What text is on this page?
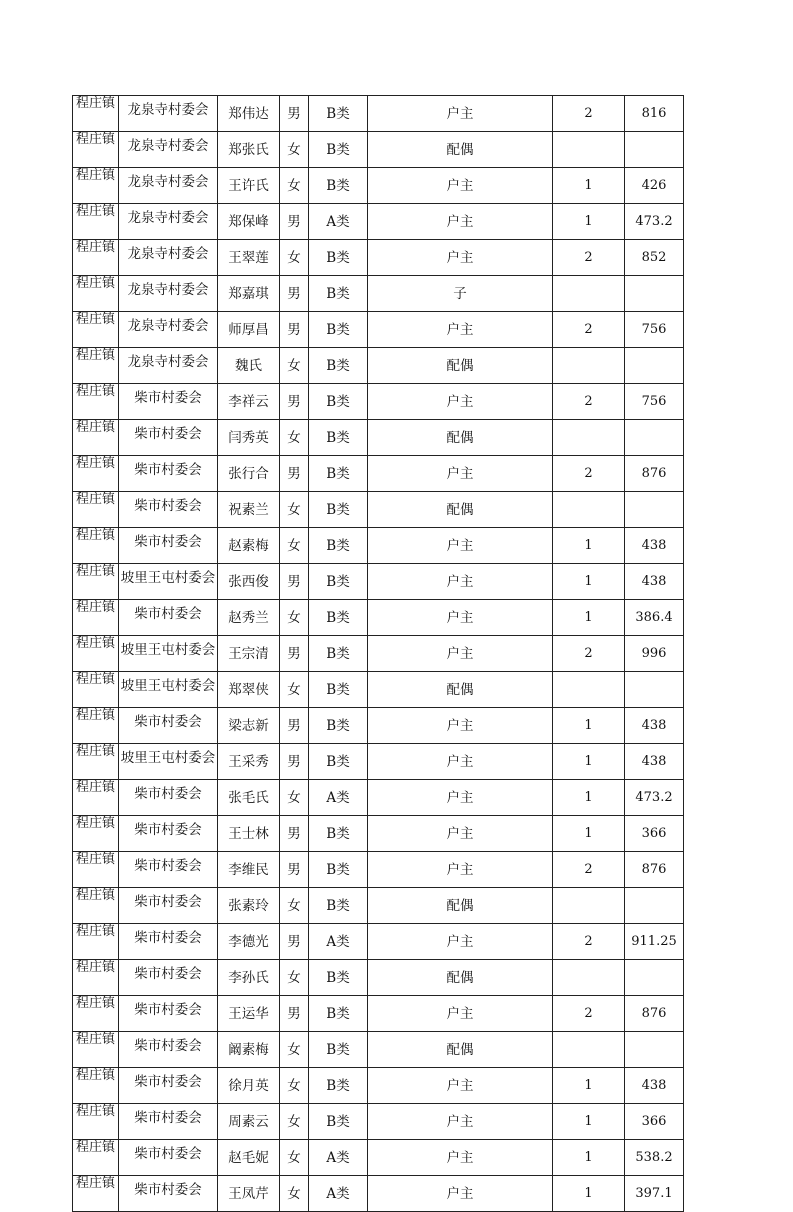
程庄镇	龙泉寺村委会	郑伟达	男	B类	户主	2	816
程庄镇	龙泉寺村委会	郑张氏	女	B类	配偶		
程庄镇	龙泉寺村委会	王许氏	女	B类	户主	1	426
程庄镇	龙泉寺村委会	郑保峰	男	A类	户主	1	473.2
程庄镇	龙泉寺村委会	王翠莲	女	B类	户主	2	852
程庄镇	龙泉寺村委会	郑嘉琪	男	B类	子		
程庄镇	龙泉寺村委会	师厚昌	男	B类	户主	2	756
程庄镇	龙泉寺村委会	魏氏	女	B类	配偶		
程庄镇	柴市村委会	李祥云	男	B类	户主	2	756
程庄镇	柴市村委会	闫秀英	女	B类	配偶		
程庄镇	柴市村委会	张行合	男	B类	户主	2	876
程庄镇	柴市村委会	祝素兰	女	B类	配偶		
程庄镇	柴市村委会	赵素梅	女	B类	户主	1	438
程庄镇	坡里王屯村委会	张西俊	男	B类	户主	1	438
程庄镇	柴市村委会	赵秀兰	女	B类	户主	1	386.4
程庄镇	坡里王屯村委会	王宗清	男	B类	户主	2	996
程庄镇	坡里王屯村委会	郑翠侠	女	B类	配偶		
程庄镇	柴市村委会	梁志新	男	B类	户主	1	438
程庄镇	坡里王屯村委会	王采秀	男	B类	户主	1	438
程庄镇	柴市村委会	张毛氏	女	A类	户主	1	473.2
程庄镇	柴市村委会	王士林	男	B类	户主	1	366
程庄镇	柴市村委会	李维民	男	B类	户主	2	876
程庄镇	柴市村委会	张素玲	女	B类	配偶		
程庄镇	柴市村委会	李德光	男	A类	户主	2	911.25
程庄镇	柴市村委会	李孙氏	女	B类	配偶		
程庄镇	柴市村委会	王运华	男	B类	户主	2	876
程庄镇	柴市村委会	阚素梅	女	B类	配偶		
程庄镇	柴市村委会	徐月英	女	B类	户主	1	438
程庄镇	柴市村委会	周素云	女	B类	户主	1	366
程庄镇	柴市村委会	赵毛妮	女	A类	户主	1	538.2
程庄镇	柴市村委会	王凤芹	女	A类	户主	1	397.1
